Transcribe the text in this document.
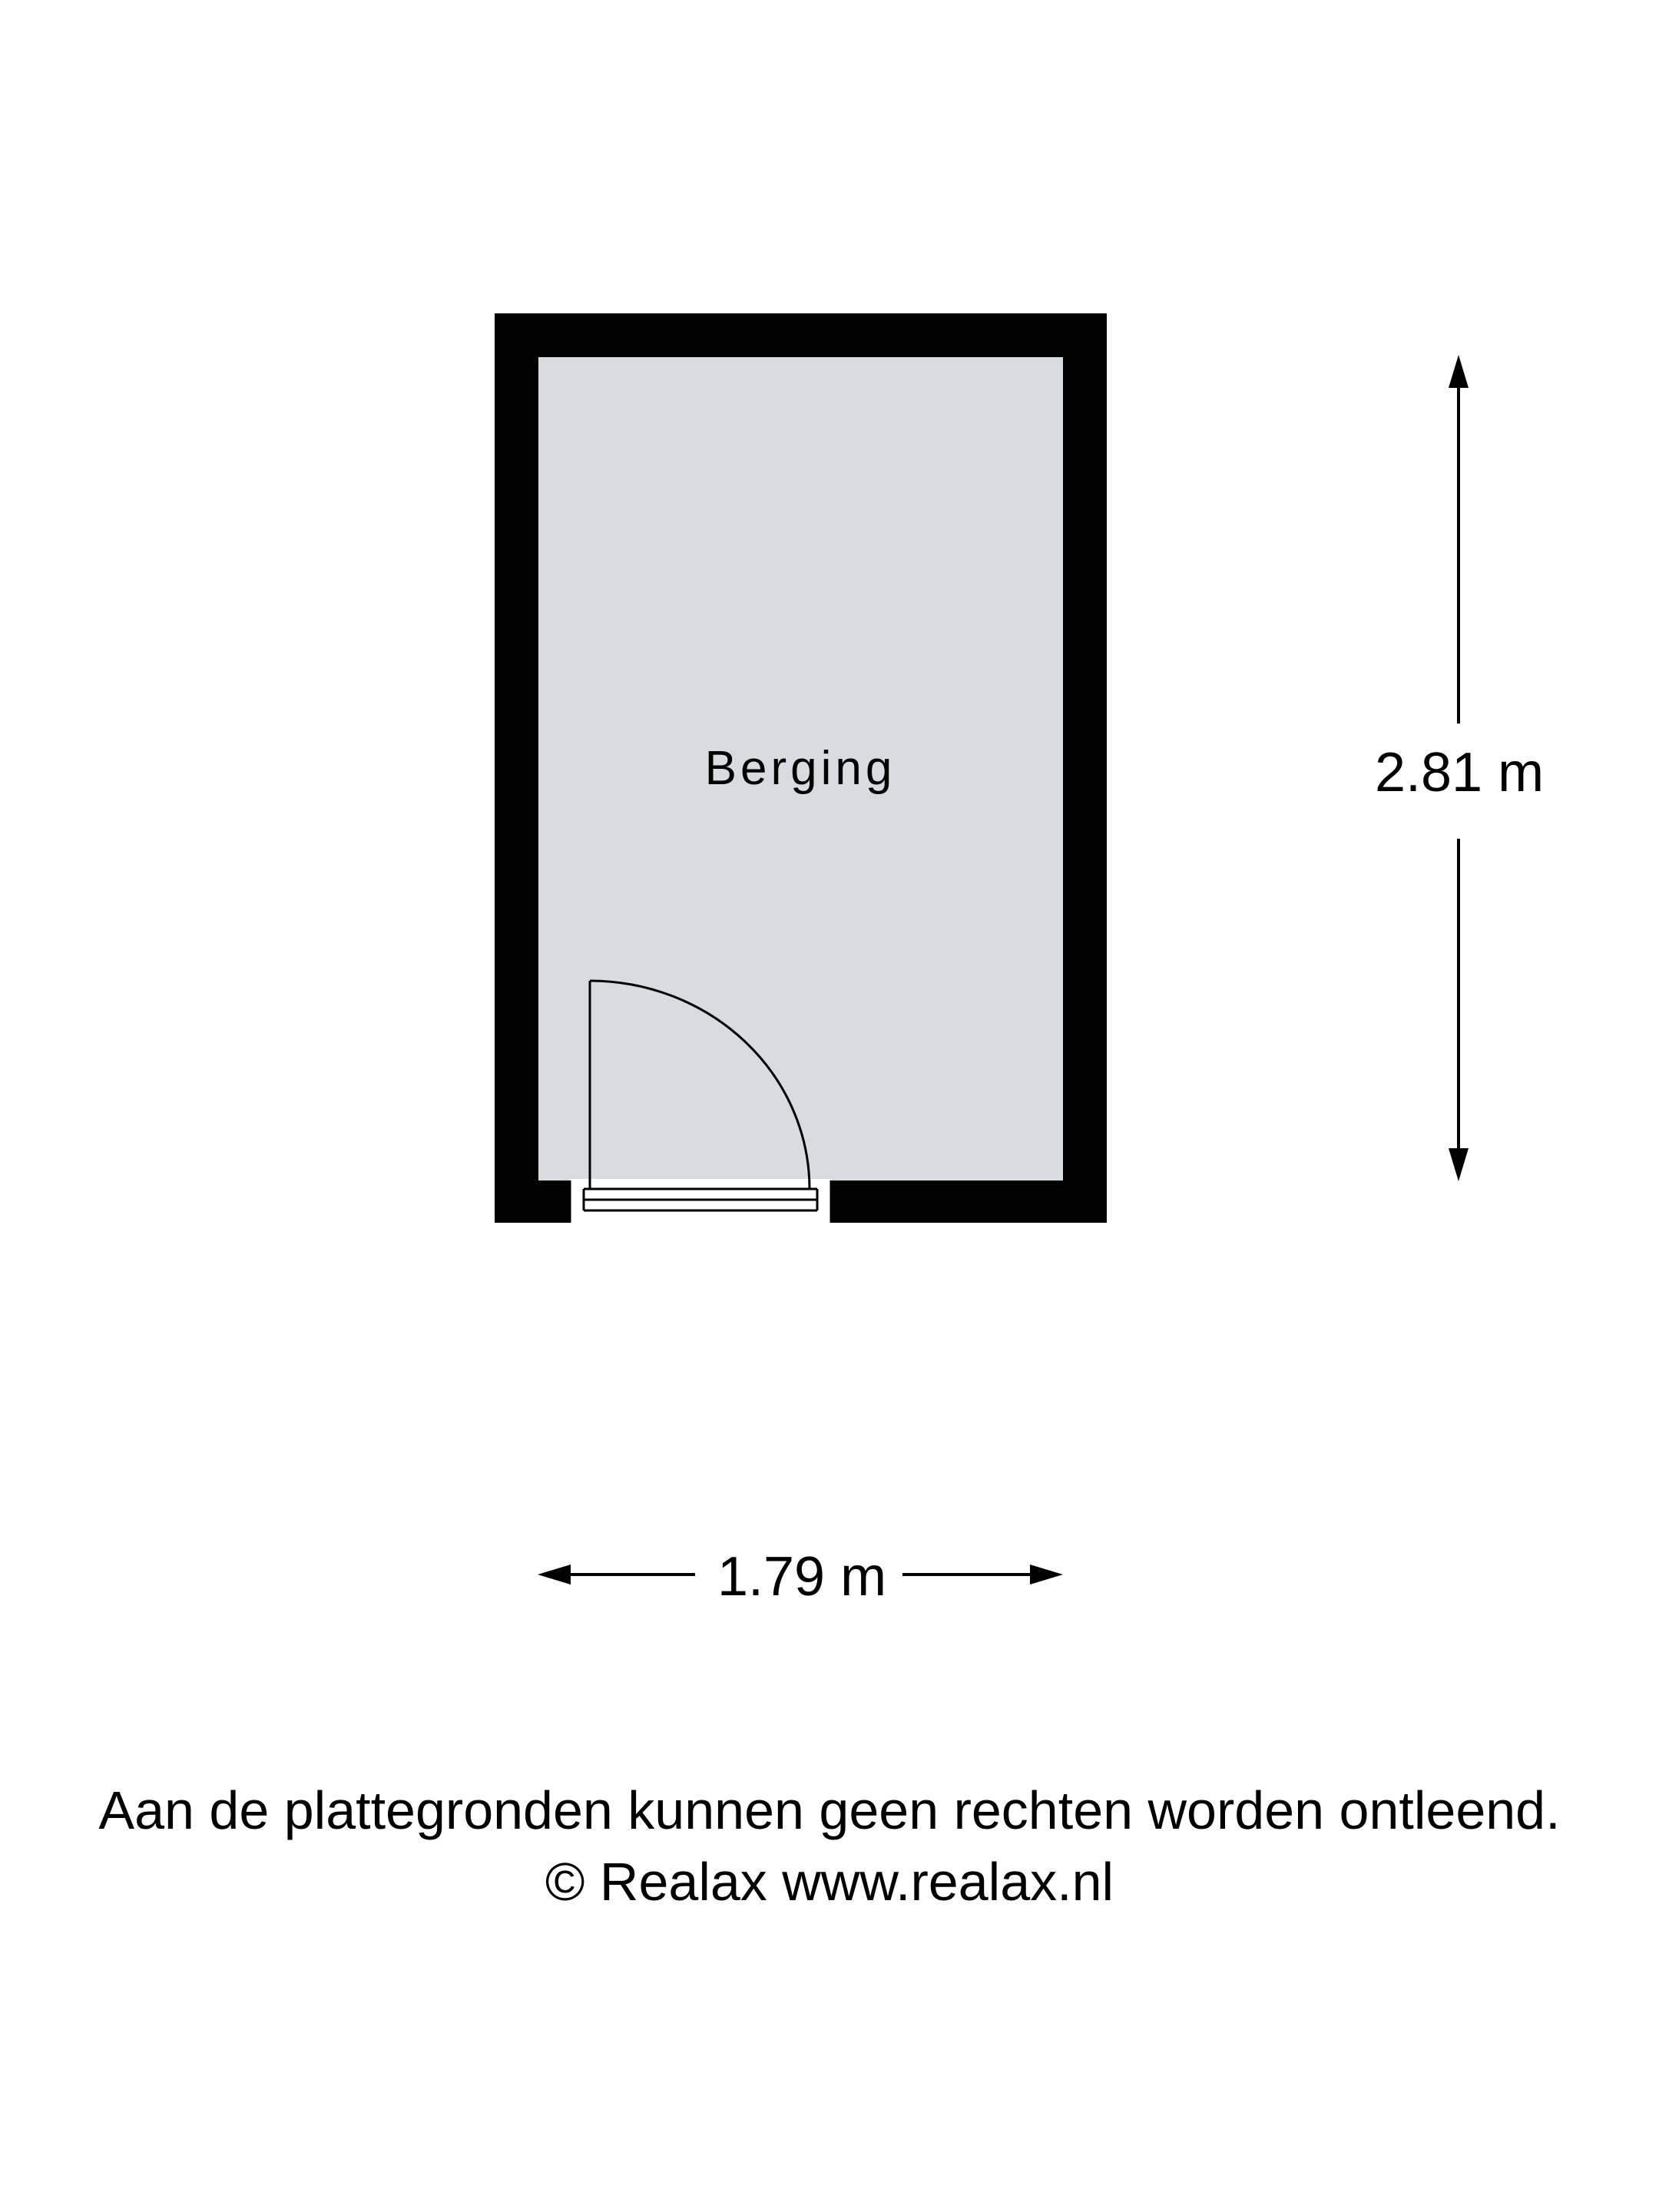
Berging	2.81 m
1.79 m
Aan de plattegronden kunnen geen rechten worden ontleend.
© Realax www.realax.nl
